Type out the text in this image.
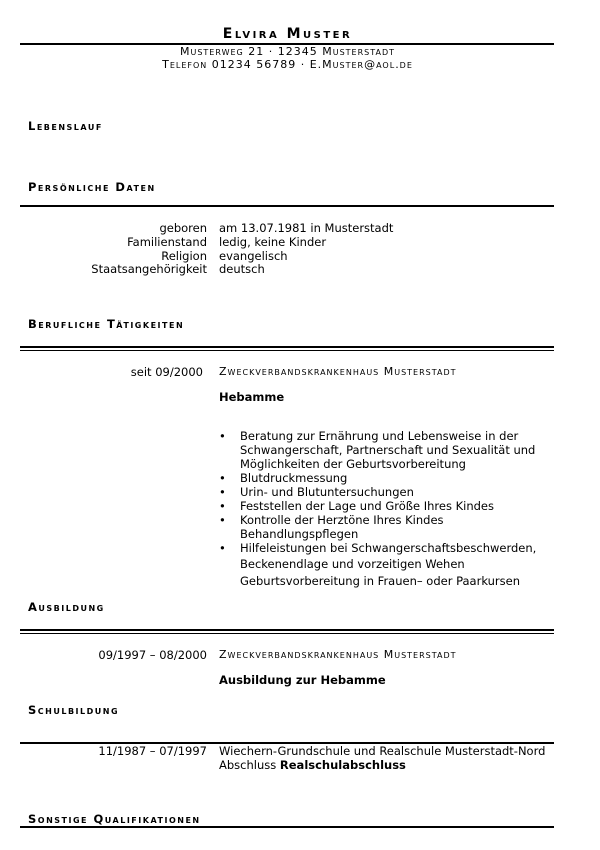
Elvira Muster
Musterweg 21 · 12345 Musterstadt
Telefon 01234 56789 · E.Muster@aol.de
Lebenslauf
Persönliche Daten
geboren am 13.07.1981 in Musterstadt
Familienstand ledig, keine Kinder
Religion evangelisch
Staatsangehörigkeit deutsch
Berufliche Tätigkeiten
seit 09/2000 Zweckverbandskrankenhaus Musterstadt
Hebamme
• Beratung zur Ernährung und Lebensweise in der Schwangerschaft, Partnerschaft und Sexualität und Möglichkeiten der Geburtsvorbereitung
• Blutdruckmessung
• Urin- und Blutuntersuchungen
• Feststellen der Lage und Größe Ihres Kindes
• Kontrolle der Herztöne Ihres Kindes
Behandlungspflegen
• Hilfeleistungen bei Schwangerschaftsbeschwerden,
Beckenendlage und vorzeitigen Wehen
Geburtsvorbereitung in Frauen– oder Paarkursen
Ausbildung
09/1997 – 08/2000 Zweckverbandskrankenhaus Musterstadt
Ausbildung zur Hebamme
Schulbildung
11/1987 – 07/1997 Wiechern-Grundschule und Realschule Musterstadt-Nord
Abschluss Realschulabschluss
Sonstige Qualifikationen
